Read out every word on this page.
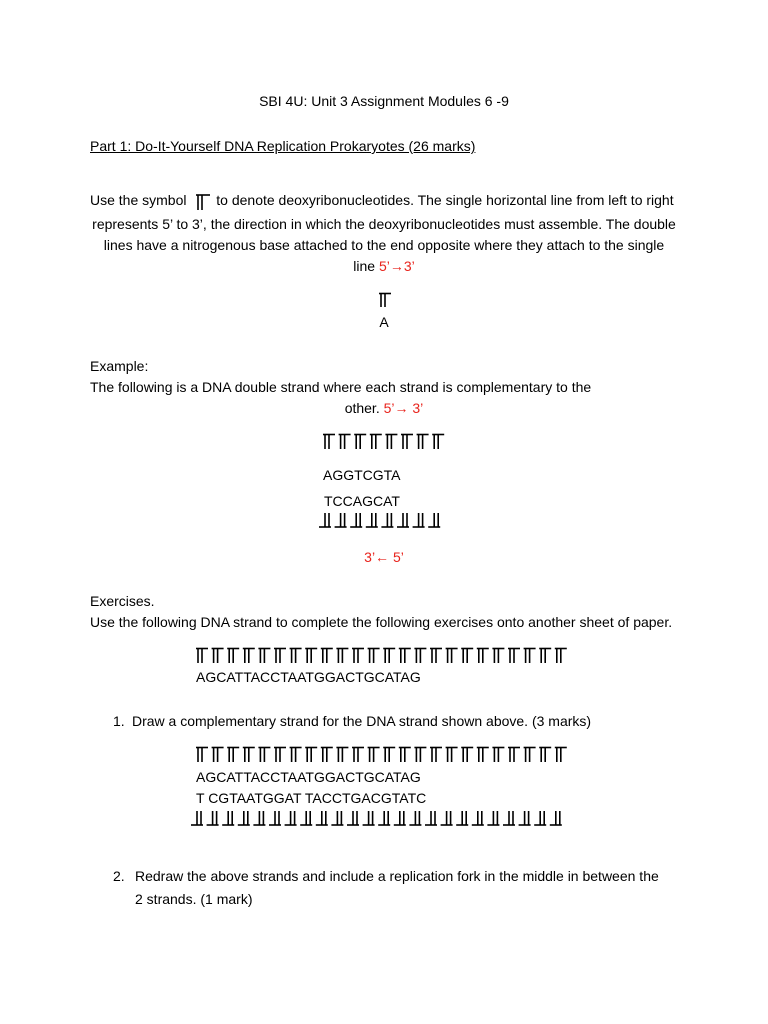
SBI 4U: Unit 3 Assignment Modules 6 -9
Part 1: Do-It-Yourself DNA Replication Prokaryotes (26 marks)
Use the symbol to denote deoxyribonucleotides. The single horizontal line from left to right
represents 5’ to 3’, the direction in which the deoxyribonucleotides must assemble. The double
lines have a nitrogenous base attached to the end opposite where they attach to the single
line 5’→3’
A
Example:
The following is a DNA double strand where each strand is complementary to the
other. 5’→ 3’
AGGTCGTA
TCCAGCAT
3’← 5’
Exercises.
Use the following DNA strand to complete the following exercises onto another sheet of paper.
AGCATTACCTAATGGACTGCATAG
1. Draw a complementary strand for the DNA strand shown above. (3 marks)
AGCATTACCTAATGGACTGCATAG
T CGTAATGGAT TACCTGACGTATC
2. Redraw the above strands and include a replication fork in the middle in between the
2 strands. (1 mark)
